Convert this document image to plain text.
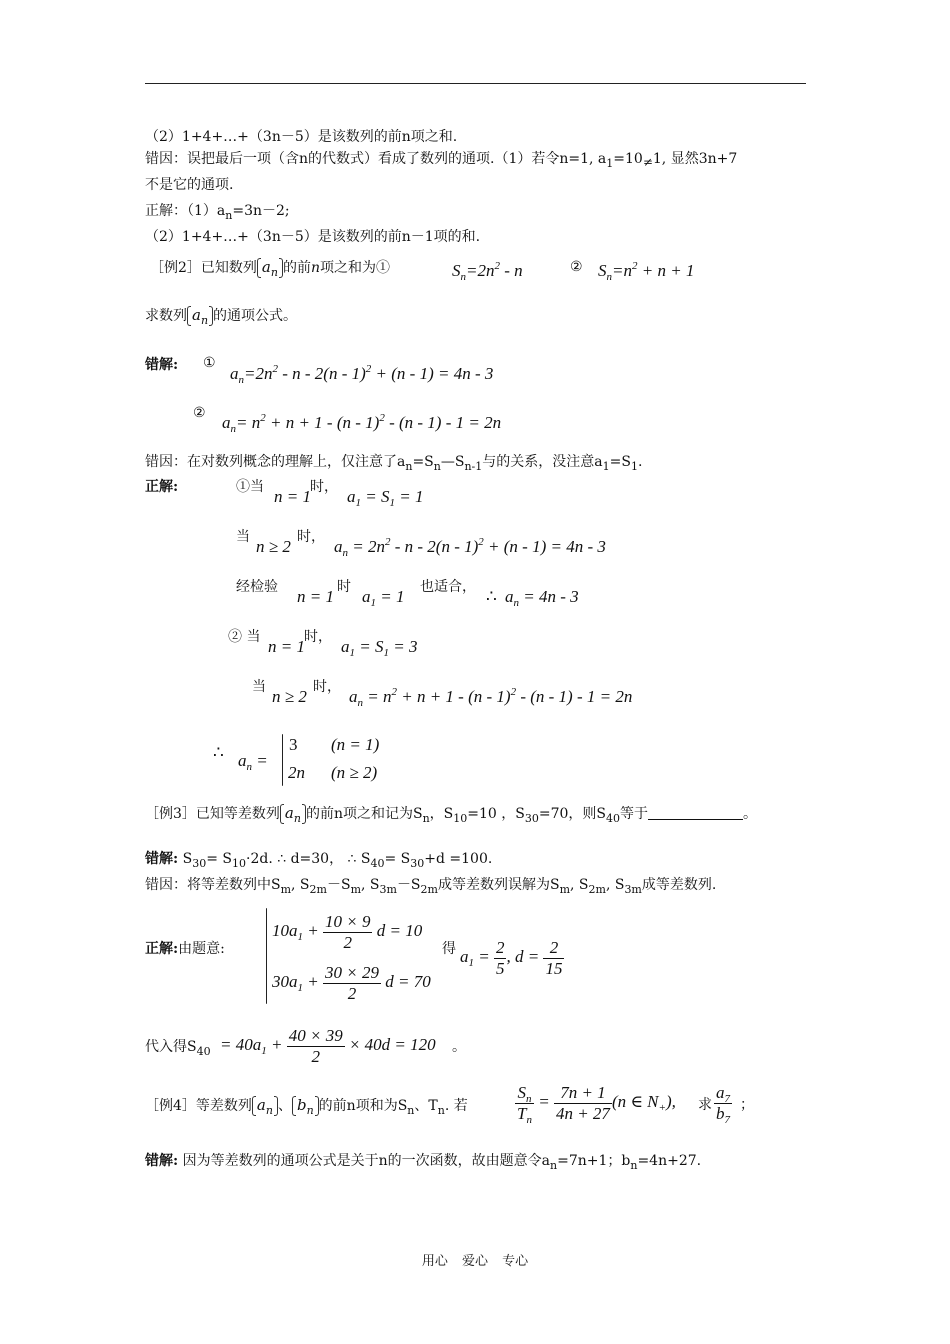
（2）1+4+…+（3n－5）是该数列的前n项之和.
错因：误把最后一项（含n的代数式）看成了数列的通项.（1）若令n=1, $a_1=10\ne 1$, 显然3n+7
不是它的通项.
正解：$(1)a_n=3n-2$;
（2）1+4+…+（3n－5）是该数列的前n－1项的和.
［例2］已知数列 $a_n$ 的前n项之和为①	$S_n=2n^2 - n$	② $S_n=n^2 + n + 1$
求数列 $a_n$ 的通项公式。
错解: ①
$a_n=2n^2 - n - 2(n - 1)^2 + (n - 1) = 4n - 3$
② $a_n= n^2 + n + 1 - (n - 1)^2 - (n - 1) - 1 = 2n$
错因：在对数列概念的理解上，仅注意了$a_n=S_n—S_{n-1}$与的关系，没注意$a_1=S_1$.
正解:	①当 n = 1 时， $a_1 = S_1 = 1$
当 n ≥ 2 时， $a_n = 2n^2 - n - 2(n - 1)^2 + (n - 1) = 4n - 3$
经检验 n = 1 时 $a_1 = 1$ 也适合， ∴ $a_n = 4n - 3$
② 当 n = 1 时， $a_1 = S_1 = 3$
当 n ≥ 2 时， $a_n = n^2 + n + 1 - (n - 1)^2 - (n - 1) - 1 = 2n$
∴ $a_n$ =
3 (n = 1)
2n (n ≥ 2)
［例3］已知等差数列 $a_n$ 的前n项之和记为$S_n$，$S_{10}=10$ ，$S_{30}=70$，则$S_{40}$等于	。
错解: $S_{30}= S_{10}\cdot 2d$. ∴ d=30， ∴ $S_{40}= S_{30}+d =100$.
错因：将等差数列中$S_m$, $S_{2m}-S_m$, $S_{3m}-S_{2m}$成等差数列误解为$S_m$, $S_{2m}$, $S_{3m}$成等差数列.
正解:由题意:
$10a_1 + \frac{10 \times 9}{2}$ d = 10
$30a_1 + \frac{30 \times 29}{2}$ d = 70
得 $a_1 = \frac{2}{5}$ , $d = \frac{2}{15}$
代入得$S_{40} = 40a_1 + \frac{40 \times 39}{2} \times 40d = 120$ 。
［例4］等差数列 $a_n$ 、 $b_n$ 的前n项和为$S_n$、$T_n$. 若	$\frac{S_n}{T_n} = \frac{7n + 1}{4n + 27} (n$ ∈ $N_+$), 求 $\frac{a_7}{b_7}$ ；
错解: 因为等差数列的通项公式是关于n的一次函数，故由题意令$a_n=7n+1$；$b_n=4n+27$.
用心 爱心 专心
